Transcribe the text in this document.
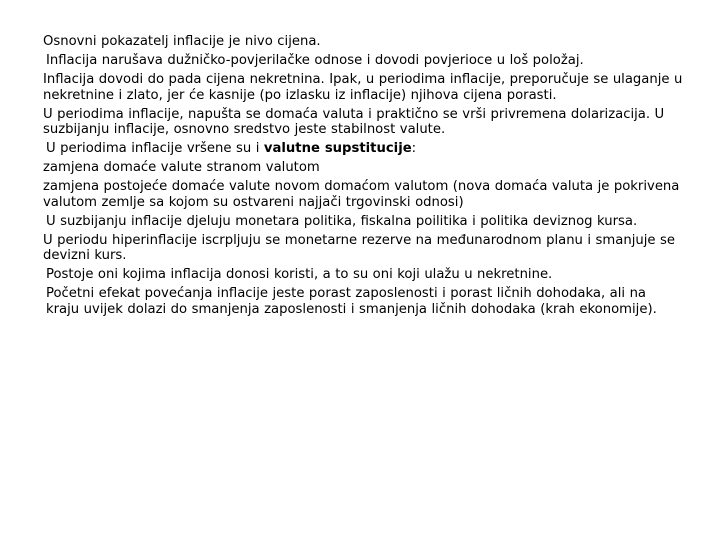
Osnovni pokazatelj inflacije je nivo cijena.

Inflacija narušava dužničko-povjerilačke odnose i dovodi povjerioce u loš položaj.

Inflacija dovodi do pada cijena nekretnina. Ipak, u periodima inflacije, preporučuje se ulaganje u nekretnine i zlato, jer će kasnije (po izlasku iz inflacije) njihova cijena porasti.

U periodima inflacije, napušta se domaća valuta i praktično se vrši privremena dolarizacija. U suzbijanju inflacije, osnovno sredstvo jeste stabilnost valute.

U periodima inflacije vršene su i valutne supstitucije:

zamjena domaće valute stranom valutom

zamjena postojeće domaće valute novom domaćom valutom (nova domaća valuta je pokrivena valutom zemlje sa kojom su ostvareni najjači trgovinski odnosi)

U suzbijanju inflacije djeluju monetara politika, fiskalna poilitika i politika deviznog kursa.

U periodu hiperinflacije iscrpljuju se monetarne rezerve na međunarodnom planu i smanjuje se devizni kurs.

Postoje oni kojima inflacija donosi koristi, a to su oni koji ulažu u nekretnine.

Početni efekat povećanja inflacije jeste porast zaposlenosti i porast ličnih dohodaka, ali na kraju uvijek dolazi do smanjenja zaposlenosti i smanjenja ličnih dohodaka (krah ekonomije).
